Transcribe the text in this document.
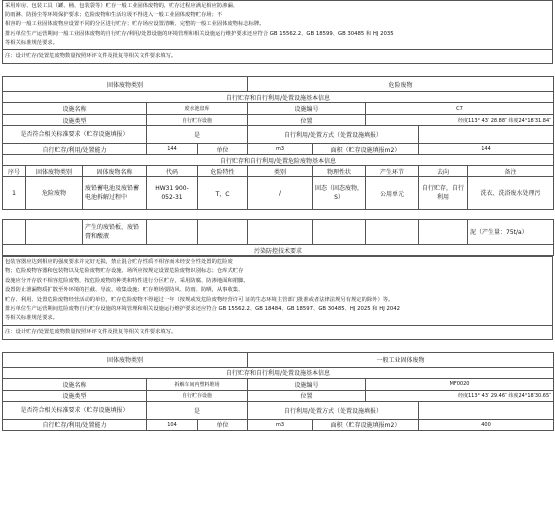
采用库房、包装工具（罐、桶、包装袋等）贮存一般工业固体废物的，贮存过程应满足相应防渗漏、
防雨淋、防扬尘等环境保护要求；危险废物和生活垃圾不得进入一般工业固体废物贮存场；不
相容的一般工业固体废物应设置不同的分区进行贮存；贮存场应设置清晰、完整的一般工业固体废物标志标牌。
排污单位生产运营期间一般工业固体废物的自行贮存/利用/处置设施的环境管理和相关设施运行维护要求还应符合 GB 15562.2、GB 18599、GB 30485 和 HJ 2035
等相关标准规范要求。
注：设计贮存/处置危废物数量按照环评文件及批复等相关文件要求填写。
固体废物类别					危险废物				
自行贮存和自行利用/处置设施基本信息									
设施名称			废水池盘库		设施编号		C7		
设施类型			自行贮存设施		位置		经度113° 43′ 28.88″ 纬度24°18′31.84″		
是否符合相关标准要求（贮存设施填报）			是		自行利用/处置方式（处置设施填报）				
自行贮存/利用/处置能力			144	单位	m3	面积（贮存设施填报m2）		144	
自行贮存和自行利用/处置危险废物基本信息									
序号	固体废物类别	固体废物名称	代码	危险特性	类别	物理性状	产生环节	去向	备注
1	危险废物	废铅蓄电池及废铅蓄电池拆解过程中	HW31 900-052-31	T，C	/	固态（固态废物，S）	公用单元	自行贮存，自行利用	洗衣、洗浴废水处理污
		产生的废铅板、废铅膏和酸液							泥（产生量：75t/a）
污染防控技术要求
包装容器应达到相应的强度要求并完好无损，禁止混合贮存性质不相容而未经安全性处置的危险废
物；危险废物容器和包装物以及危险废物贮存设施、场所应按规定设置危险废物识别标志；仓库式贮存
设施应分开存放不相容危险废物，按危险废物的种类和特性进行分区贮存，采用防腐、防渗地面和裙脚。
设置防止泄漏物质扩散至外环境的拦截、导流、收集设施；贮存堆场要防风、防雨、防晒，从事收集、
贮存、利用、处置危险废物经营活动的单位，贮存危险废物不得超过一年（按规或发危险废物经营许可 证的生态环境主管部门批准或者法律法规另有规定的除外）等。
排污单位生产运营期间危险废物自行贮存设施的环境管理和相关设施运行维护要求还应符合 GB 15562.2、GB 18484、GB 18597、GB 30485、HJ 2025 和 HJ 2042
等相关标准规范要求。
注：设计贮存/处置危废物数量按照环评文件及批复等相关文件要求填写。
固体废物类别			一般工业固体废物			
自行贮存和自行利用/处置设施基本信息						
设施名称	拆解车间内塑料堆场		设施编号		MF0020	
设施类型	自行贮存设施		位置		经度113° 43′ 29.46″ 纬度24°18′30.65″	
是否符合相关标准要求（贮存设施填报）	是		自行利用/处置方式（处置设施填报）			
自行贮存/利用/处置能力	104	单位	m3	面积（贮存设施填报m2）		400
